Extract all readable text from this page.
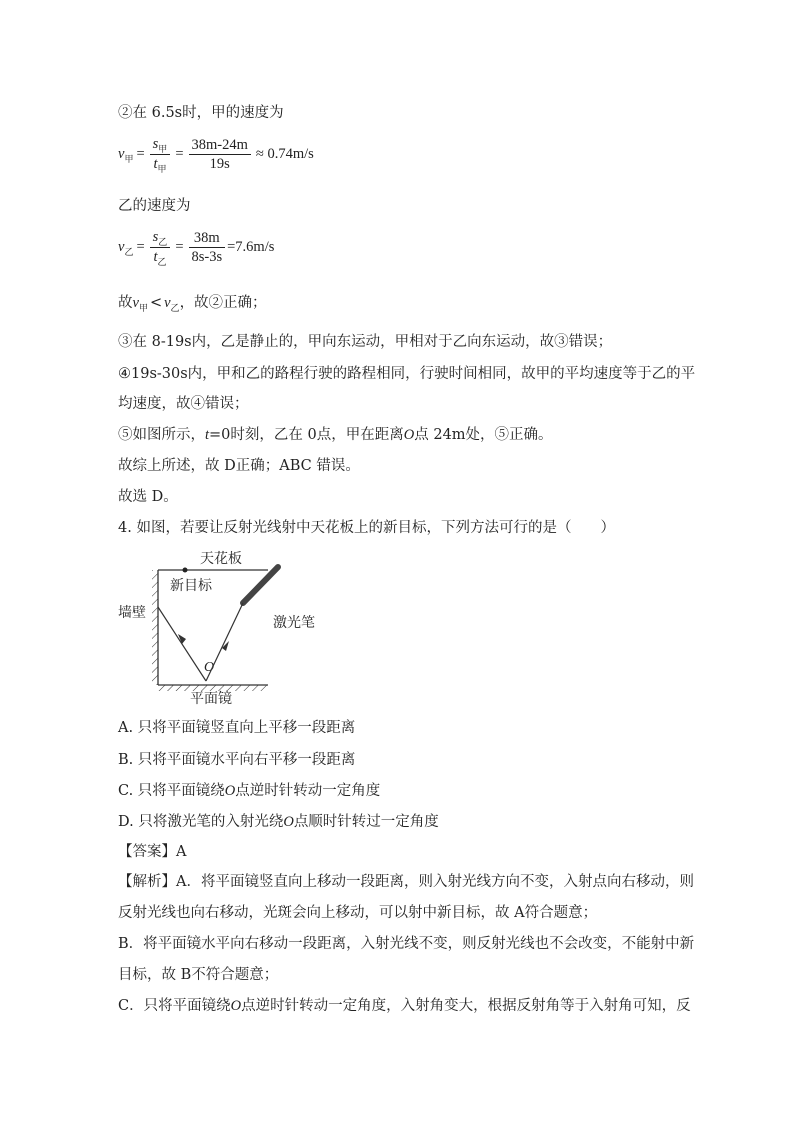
②在 6.5s时，甲的速度为
v 甲 = $\frac{s_甲}{t_甲} = \frac{38m-24m}{19s} \approx 0.74m/s$
乙的速度为
v 乙 = $\frac{s_乙}{t_乙} = \frac{38m}{8s-3s} =7.6m/s$
故$v_甲 < v_乙$，故②正确；
③在 8-19s内，乙是静止的，甲向东运动，甲相对于乙向东运动，故③错误；
④19s-30s内，甲和乙的路程行驶的路程相同，行驶时间相同，故甲的平均速度等于乙的平
均速度，故④错误；
⑤如图所示，t=0时刻，乙在 0点，甲在距离O点 24m处，⑤正确。
故综上所述，故 D正确；ABC 错误。
故选 D。
4. 如图，若要让反射光线射中天花板上的新目标，下列方法可行的是（　　）
天花板
新目标
墙壁
平面镜
O
激光笔
A. 只将平面镜竖直向上平移一段距离
B. 只将平面镜水平向右平移一段距离
C. 只将平面镜绕O点逆时针转动一定角度
D. 只将激光笔的入射光绕O点顺时针转过一定角度
【答案】A
【解析】A．将平面镜竖直向上移动一段距离，则入射光线方向不变，入射点向右移动，则
反射光线也向右移动，光斑会向上移动，可以射中新目标，故 A符合题意；
B．将平面镜水平向右移动一段距离，入射光线不变，则反射光线也不会改变，不能射中新
目标，故 B不符合题意；
C．只将平面镜绕O点逆时针转动一定角度，入射角变大，根据反射角等于入射角可知，反
